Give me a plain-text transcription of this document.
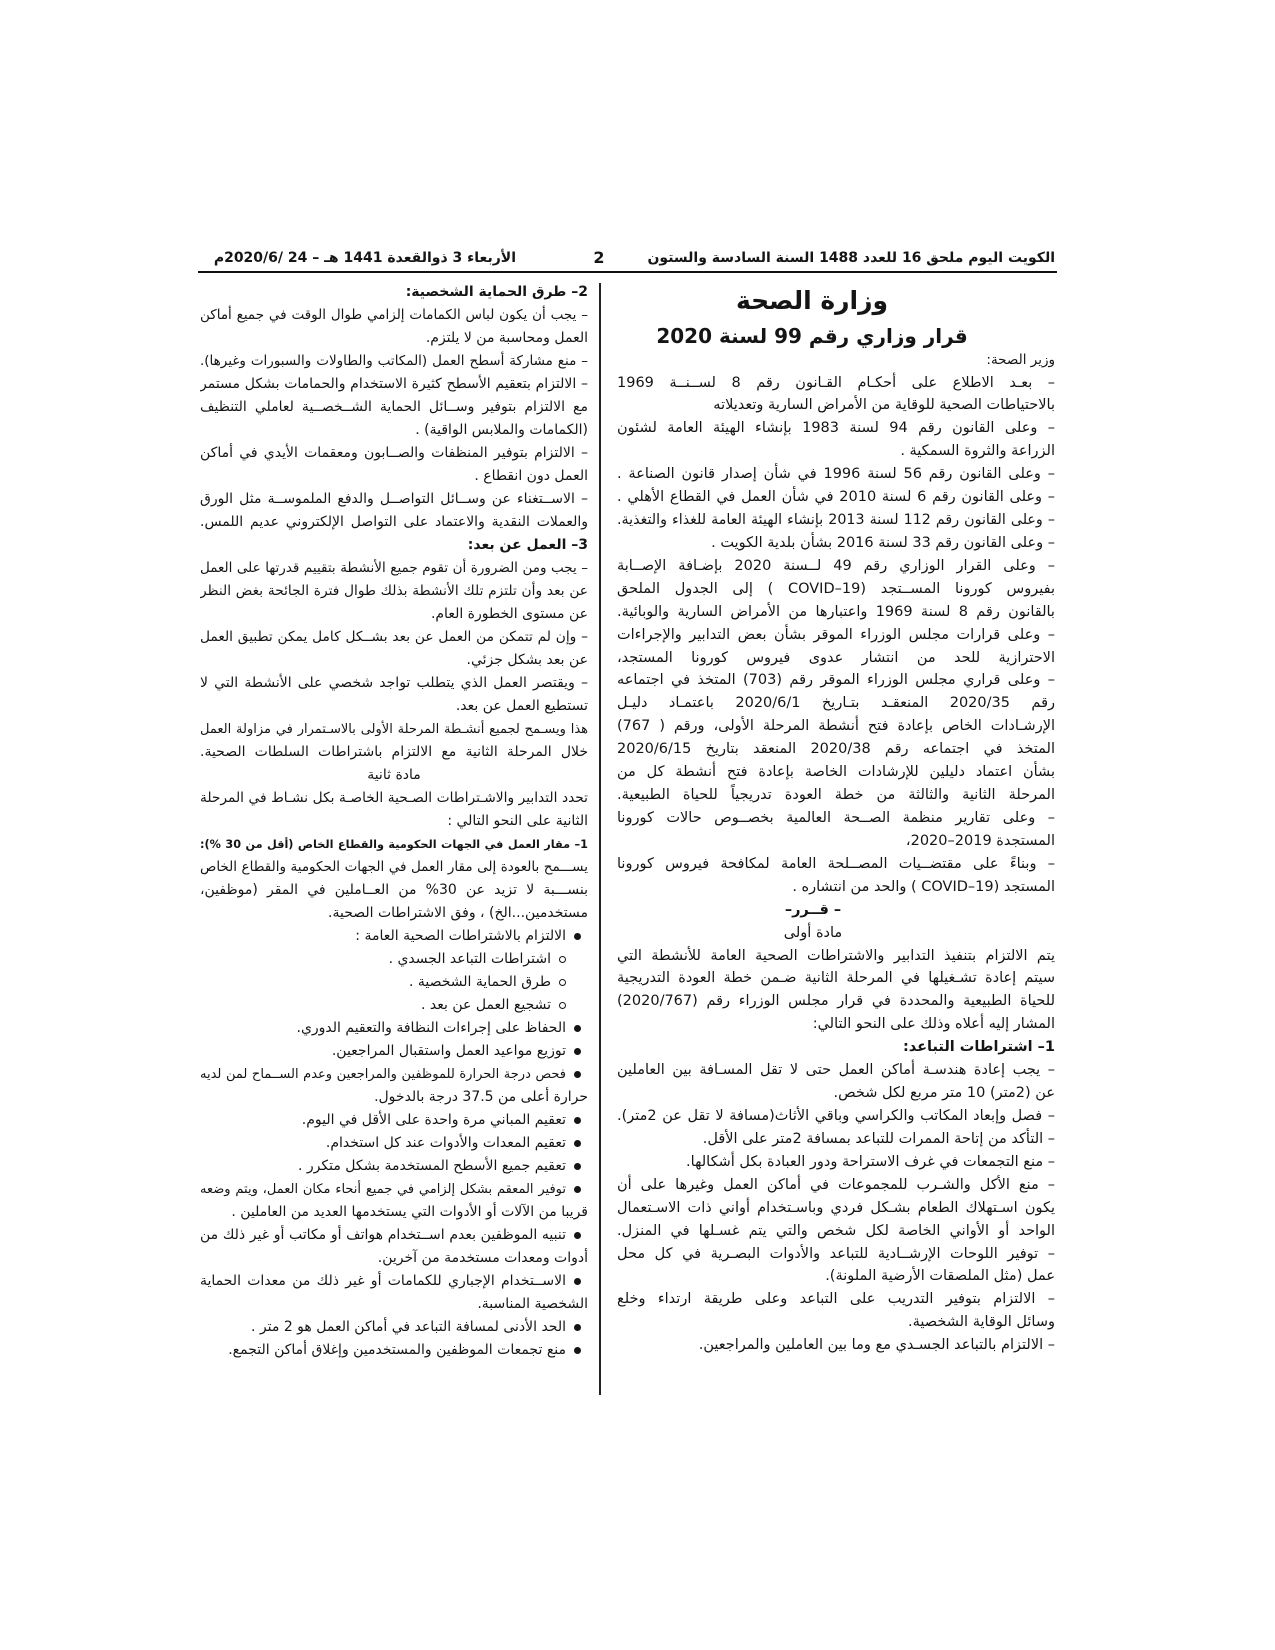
الكويت اليوم ملحق 16 للعدد 1488 السنة السادسة والستون
2
الأربعاء 3 ذوالقعدة 1441 هـ – 24 /2020/6م
وزارة الصحة
قرار وزاري رقم 99 لسنة 2020
وزير الصحة:
– بعـد الاطلاع على أحكـام القـانون رقم 8 لســنــة 1969
بالاحتياطات الصحية للوقاية من الأمراض السارية وتعديلاته
– وعلى القانون رقم 94 لسنة 1983 بإنشاء الهيئة العامة لشئون
الزراعة والثروة السمكية .
– وعلى القانون رقم 56 لسنة 1996 في شأن إصدار قانون الصناعة .
– وعلى القانون رقم 6 لسنة 2010 في شأن العمل في القطاع الأهلي .
– وعلى القانون رقم 112 لسنة 2013 بإنشاء الهيئة العامة للغذاء والتغذية.
– وعلى القانون رقم 33 لسنة 2016 بشأن بلدية الكويت .
– وعلى القرار الوزاري رقم 49 لــسنة 2020 بإضـافة الإصــابة
بفيروس كورونا المســتجد (COVID–19 ) إلى الجدول الملحق
بالقانون رقم 8 لسنة 1969 واعتبارها من الأمراض السارية والوبائية.
– وعلى قرارات مجلس الوزراء الموقر بشأن بعض التدابير والإجراءات
الاحترازية للحد من انتشار عدوى فيروس كورونا المستجد،
– وعلى قراري مجلس الوزراء الموقر رقم (703) المتخذ في اجتماعه
رقم 2020/35 المنعقـد بتـاريخ 2020/6/1 باعتمـاد دليـل
الإرشـادات الخاص بإعادة فتح أنشطة المرحلة الأولى، ورقم ( 767)
المتخذ في اجتماعه رقم 2020/38 المنعقد بتاريخ 2020/6/15
بشأن اعتماد دليلين للإرشادات الخاصة بإعادة فتح أنشطة كل من
المرحلة الثانية والثالثة من خطة العودة تدريجياً للحياة الطبيعية.
– وعلى تقارير منظمة الصــحة العالمية بخصــوص حالات كورونا
المستجدة 2019–2020،
– وبناءً على مقتضــيات المصــلحة العامة لمكافحة فيروس كورونا
المستجد (COVID–19 ) والحد من انتشاره .
– قــرر–
مادة أولى
يتم الالتزام بتنفيذ التدابير والاشتراطات الصحية العامة للأنشطة التي
سيتم إعادة تشـغيلها في المرحلة الثانية ضـمن خطة العودة التدريجية
للحياة الطبيعية والمحددة في قرار مجلس الوزراء رقم (2020/767)
المشار إليه أعلاه وذلك على النحو التالي:
1– اشتراطات التباعد:
– يجب إعادة هندسـة أماكن العمل حتى لا تقل المسـافة بين العاملين
عن (2متر) 10 متر مربع لكل شخص.
– فصل وإبعاد المكاتب والكراسي وباقي الأثاث(مسافة لا تقل عن 2متر).
– التأكد من إتاحة الممرات للتباعد بمسافة 2متر على الأقل.
– منع التجمعات في غرف الاستراحة ودور العبادة بكل أشكالها.
– منع الأكل والشـرب للمجموعات في أماكن العمل وغيرها على أن
يكون اسـتهلاك الطعام بشـكل فردي وباسـتخدام أواني ذات الاسـتعمال
الواحد أو الأواني الخاصة لكل شخص والتي يتم غسـلها في المنزل.
– توفير اللوحات الإرشــادية للتباعد والأدوات البصـرية في كل محل
عمل (مثل الملصقات الأرضية الملونة).
– الالتزام بتوفير التدريب على التباعد وعلى طريقة ارتداء وخلع
وسائل الوقاية الشخصية.
– الالتزام بالتباعد الجسـدي مع وما بين العاملين والمراجعين.
2– طرق الحماية الشخصية:
– يجب أن يكون لباس الكمامات إلزامي طوال الوقت في جميع أماكن
العمل ومحاسبة من لا يلتزم.
– منع مشاركة أسطح العمل (المكاتب والطاولات والسبورات وغيرها).
– الالتزام بتعقيم الأسطح كثيرة الاستخدام والحمامات بشكل مستمر
مع الالتزام بتوفير وســائل الحماية الشــخصــية لعاملي التنظيف
(الكمامات والملابس الواقية) .
– الالتزام بتوفير المنظفات والصــابون ومعقمات الأيدي في أماكن
العمل دون انقطاع .
– الاســتغناء عن وســائل التواصــل والدفع الملموســة مثل الورق
والعملات النقدية والاعتماد على التواصل الإلكتروني عديم اللمس.
3– العمل عن بعد:
– يجب ومن الضرورة أن تقوم جميع الأنشطة بتقييم قدرتها على العمل
عن بعد وأن تلتزم تلك الأنشطة بذلك طوال فترة الجائحة بغض النظر
عن مستوى الخطورة العام.
– وإن لم تتمكن من العمل عن بعد بشــكل كامل يمكن تطبيق العمل
عن بعد بشكل جزئي.
– ويقتصر العمل الذي يتطلب تواجد شخصي على الأنشطة التي لا
تستطيع العمل عن بعد.
هذا ويسـمح لجميع أنشـطة المرحلة الأولى بالاسـتمرار في مزاولة العمل
خلال المرحلة الثانية مع الالتزام باشتراطات السلطات الصحية.
مادة ثانية
تحدد التدابير والاشـتراطات الصـحية الخاصـة بكل نشـاط في المرحلة
الثانية على النحو التالي :
1– مقار العمل في الجهات الحكومية والقطاع الخاص (أقل من 30 %):
يســـمح بالعودة إلى مقار العمل في الجهات الحكومية والقطاع الخاص
بنســـبة لا تزيد عن 30% من العــاملين في المقر (موظفين،
مستخدمين...الخ) ، وفق الاشتراطات الصحية.
الالتزام بالاشتراطات الصحية العامة :
اشتراطات التباعد الجسدي .
طرق الحماية الشخصية .
تشجيع العمل عن بعد .
الحفاظ على إجراءات النظافة والتعقيم الدوري.
توزيع مواعيد العمل واستقبال المراجعين.
فحص درجة الحرارة للموظفين والمراجعين وعدم الســماح لمن لديه
حرارة أعلى من 37.5 درجة بالدخول.
تعقيم المباني مرة واحدة على الأقل في اليوم.
تعقيم المعدات والأدوات عند كل استخدام.
تعقيم جميع الأسطح المستخدمة بشكل متكرر .
توفير المعقم بشكل إلزامي في جميع أنحاء مكان العمل، ويتم وضعه
قريبا من الآلات أو الأدوات التي يستخدمها العديد من العاملين .
تنبيه الموظفين بعدم اســتخدام هواتف أو مكاتب أو غير ذلك من
أدوات ومعدات مستخدمة من آخرين.
الاســتخدام الإجباري للكمامات أو غير ذلك من معدات الحماية
الشخصية المناسبة.
الحد الأدنى لمسافة التباعد في أماكن العمل هو 2 متر .
منع تجمعات الموظفين والمستخدمين وإغلاق أماكن التجمع.
